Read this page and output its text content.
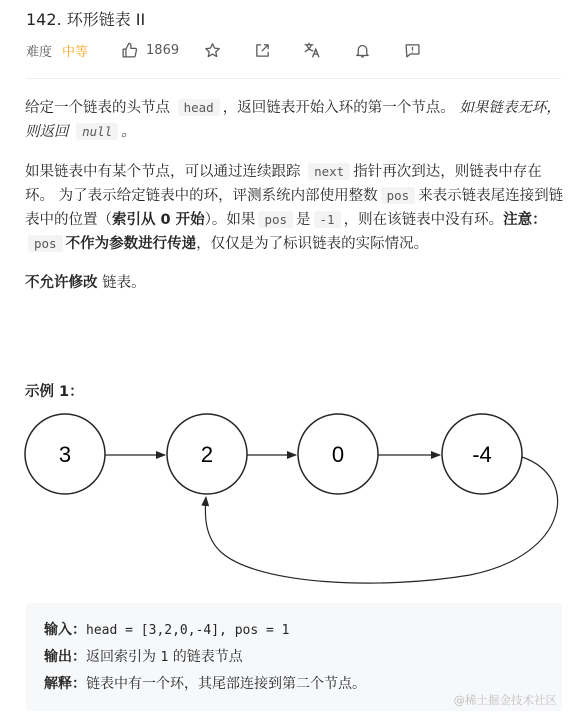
142. 环形链表 II
难度 中等	1869

给定一个链表的头节点 head ，返回链表开始入环的第一个节点。 如果链表无环，则返回 null 。

如果链表中有某个节点，可以通过连续跟踪 next 指针再次到达，则链表中存在环。 为了表示给定链表中的环，评测系统内部使用整数 pos 来表示链表尾连接到链表中的位置（索引从 0 开始）。如果 pos 是 -1 ，则在该链表中没有环。注意：pos 不作为参数进行传递，仅仅是为了标识链表的实际情况。

不允许修改 链表。

示例 1：
3	2	0	-4
输入：head = [3,2,0,-4], pos = 1
输出：返回索引为 1 的链表节点
解释：链表中有一个环，其尾部连接到第二个节点。
@稀土掘金技术社区
